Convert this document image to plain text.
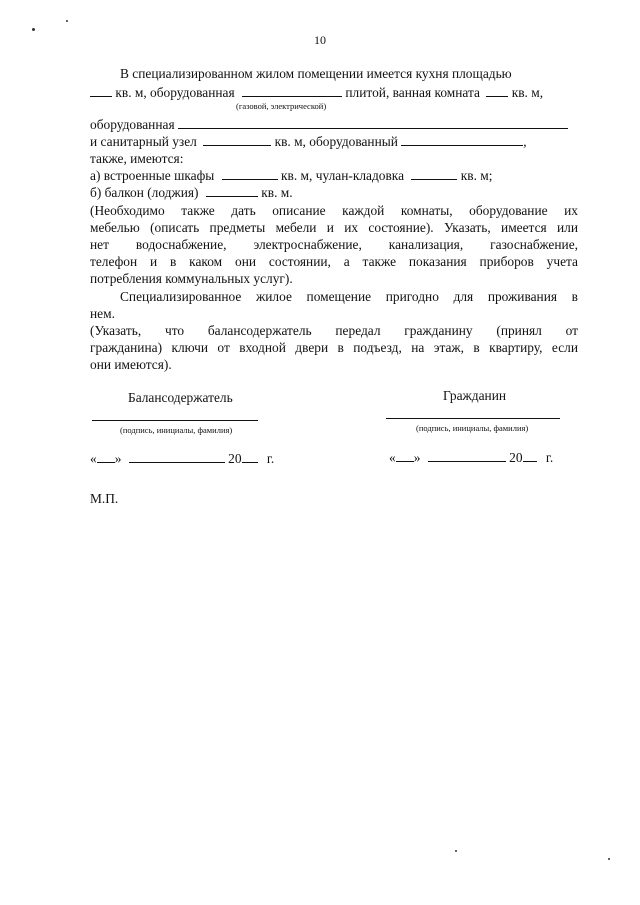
10
В специализированном жилом помещении имеется кухня площадью
кв. м, оборудованная	плитой, ванная комната кв. м,
(газовой, электрической)
оборудованная
и санитарный узел	кв. м, оборудованный	,
также, имеются:
а) встроенные шкафы	кв. м, чулан-кладовка	кв. м;
б) балкон (лоджия)	кв. м.
(Необходимо также дать описание каждой комнаты, оборудование их
мебелью (описать предметы мебели и их состояние). Указать, имеется или
нет водоснабжение, электроснабжение, канализация, газоснабжение,
телефон и в каком они состоянии, а также показания приборов учета
потребления коммунальных услуг).
Специализированное жилое помещение пригодно для проживания в
нем.
(Указать, что балансодержатель передал гражданину (принял от
гражданина) ключи от входной двери в подъезд, на этаж, в квартиру, если
они имеются).
Балансодержатель	Гражданин
(подпись, инициалы, фамилия)	(подпись, инициалы, фамилия)
« »	20 г.	« »	20 г.
М.П.
